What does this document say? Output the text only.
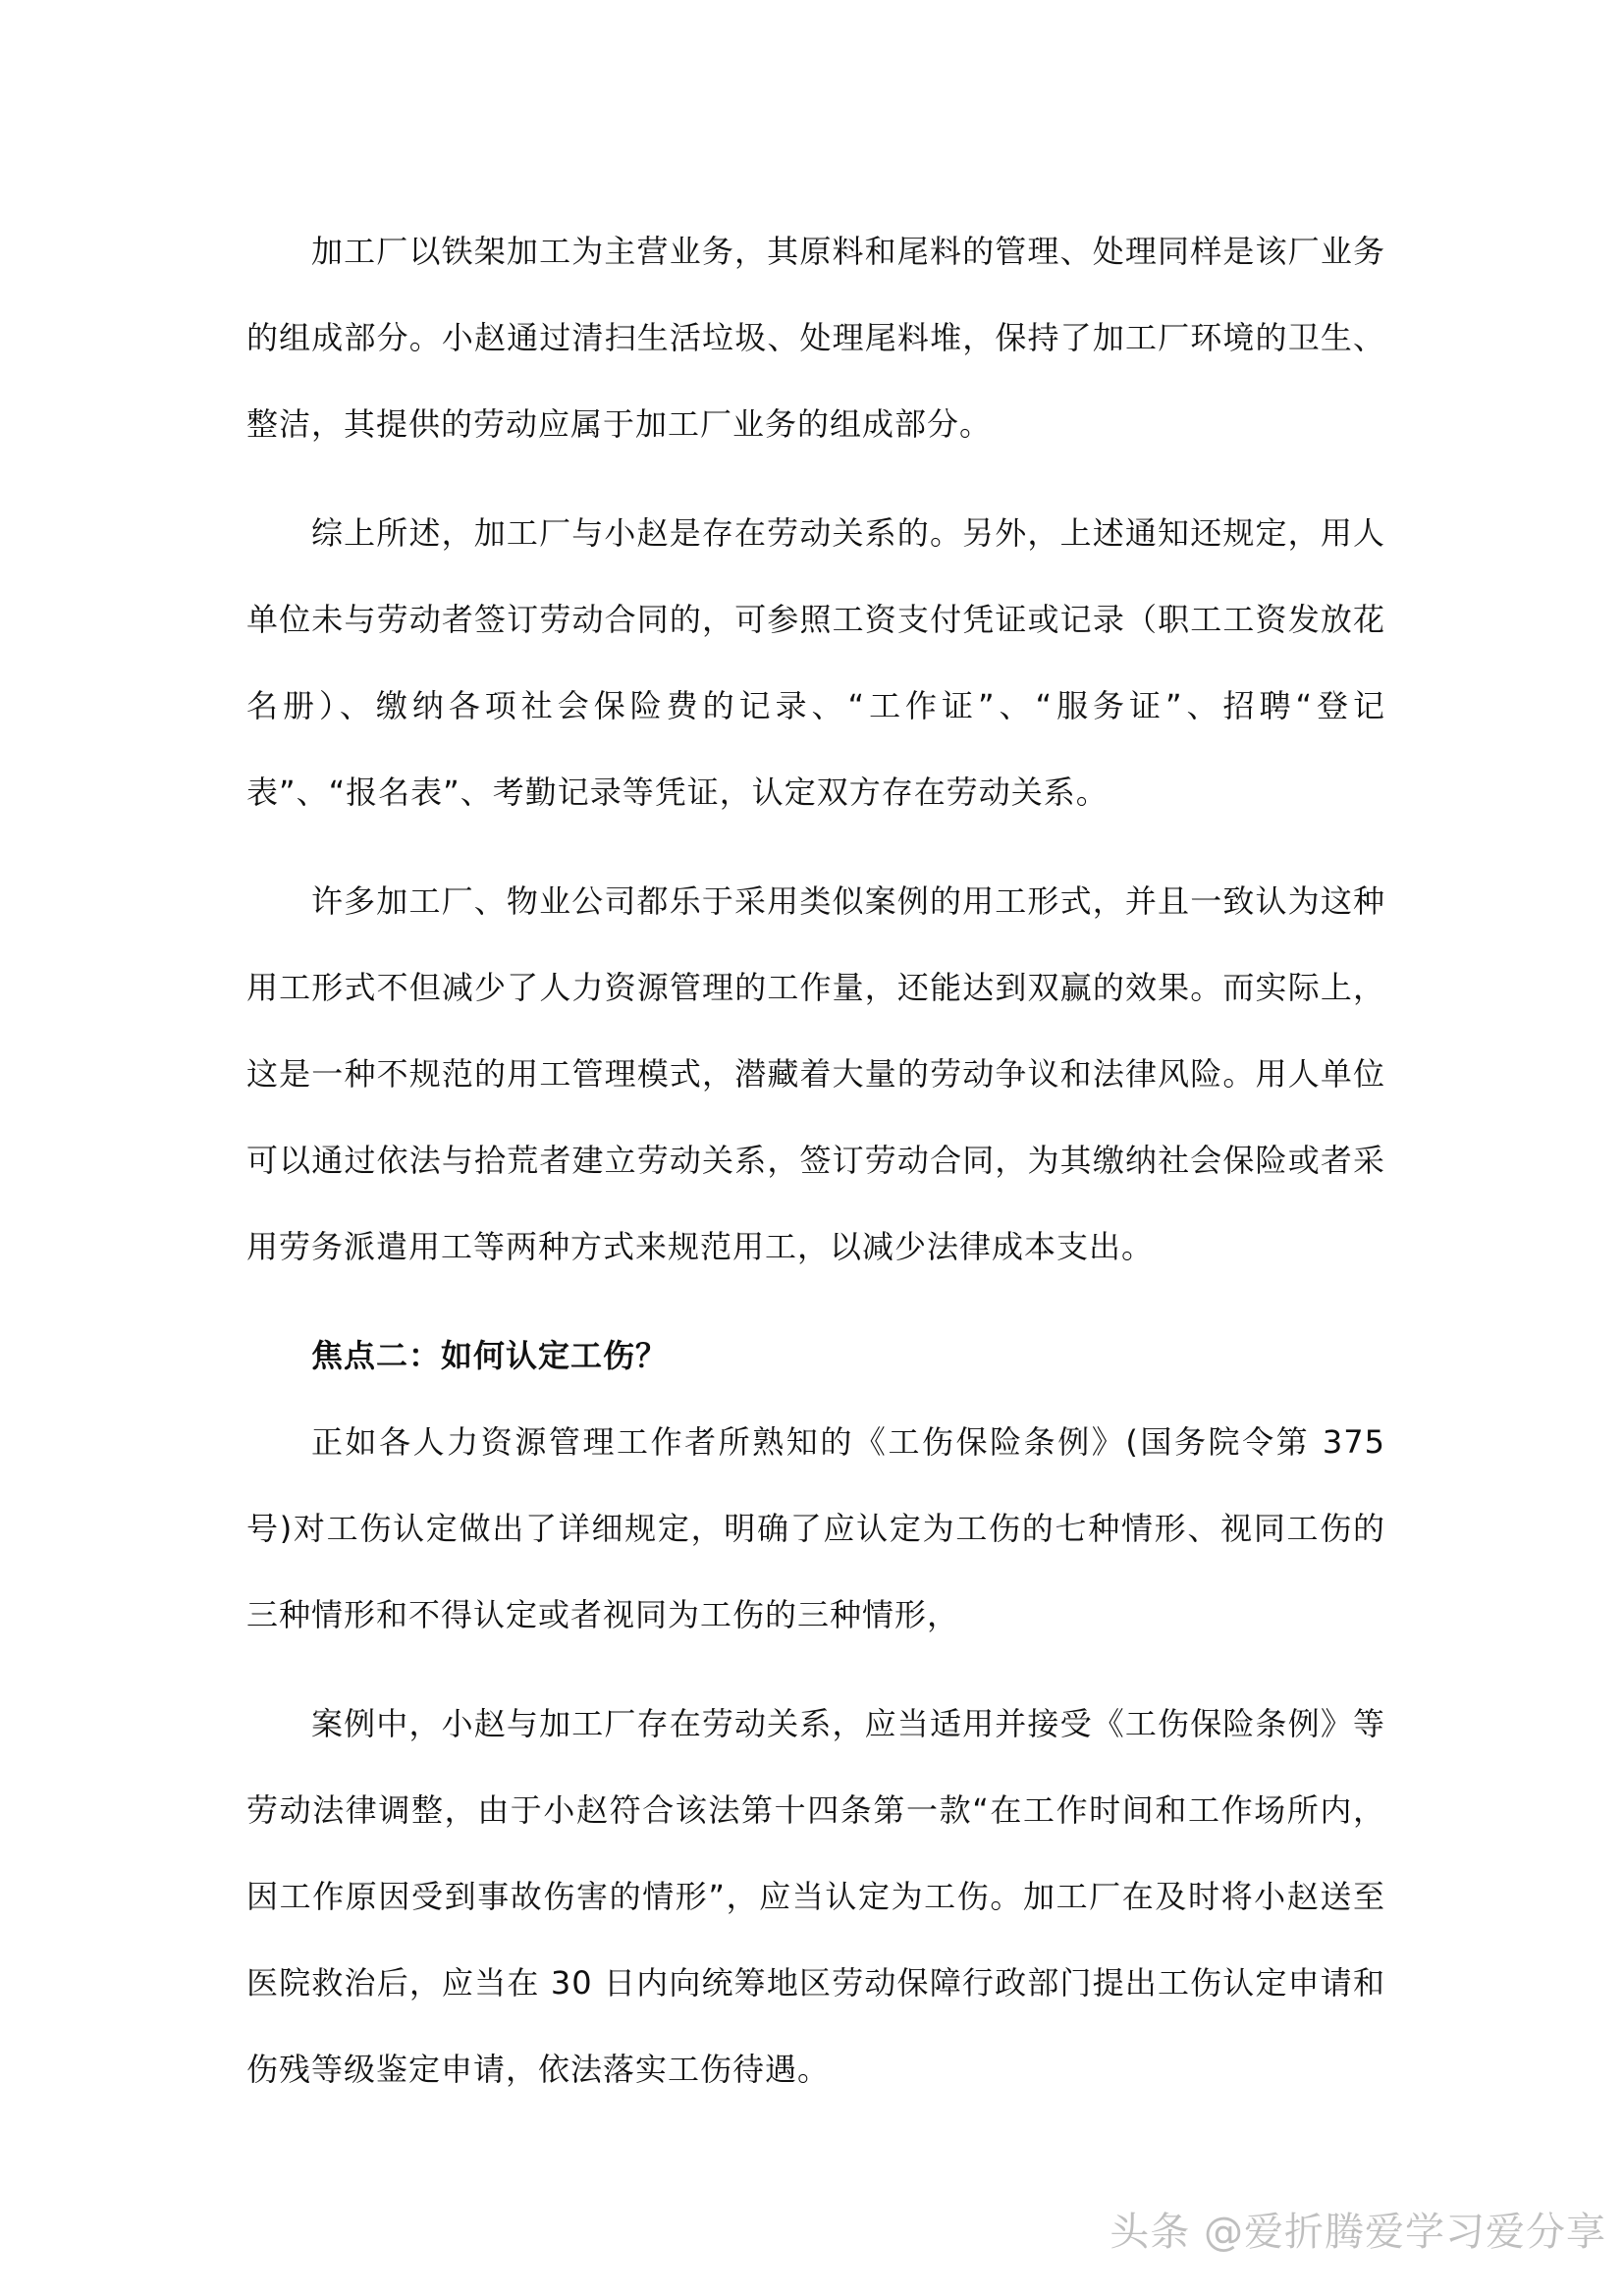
加工厂以铁架加工为主营业务，其原料和尾料的管理、处理同样是该厂业务的组成部分。小赵通过清扫生活垃圾、处理尾料堆，保持了加工厂环境的卫生、整洁，其提供的劳动应属于加工厂业务的组成部分。

综上所述，加工厂与小赵是存在劳动关系的。另外，上述通知还规定，用人单位未与劳动者签订劳动合同的，可参照工资支付凭证或记录（职工工资发放花名册）、缴纳各项社会保险费的记录、“工作证”、“服务证”、招聘“登记表”、“报名表”、考勤记录等凭证，认定双方存在劳动关系。

许多加工厂、物业公司都乐于采用类似案例的用工形式，并且一致认为这种用工形式不但减少了人力资源管理的工作量，还能达到双赢的效果。而实际上，这是一种不规范的用工管理模式，潜藏着大量的劳动争议和法律风险。用人单位可以通过依法与拾荒者建立劳动关系，签订劳动合同，为其缴纳社会保险或者采用劳务派遣用工等两种方式来规范用工，以减少法律成本支出。

焦点二：如何认定工伤？

正如各人力资源管理工作者所熟知的《工伤保险条例》(国务院令第 375 号)对工伤认定做出了详细规定，明确了应认定为工伤的七种情形、视同工伤的三种情形和不得认定或者视同为工伤的三种情形，

案例中，小赵与加工厂存在劳动关系，应当适用并接受《工伤保险条例》等劳动法律调整，由于小赵符合该法第十四条第一款“在工作时间和工作场所内，因工作原因受到事故伤害的情形”，应当认定为工伤。加工厂在及时将小赵送至医院救治后，应当在 30 日内向统筹地区劳动保障行政部门提出工伤认定申请和伤残等级鉴定申请，依法落实工伤待遇。

头条 @爱折腾爱学习爱分享
